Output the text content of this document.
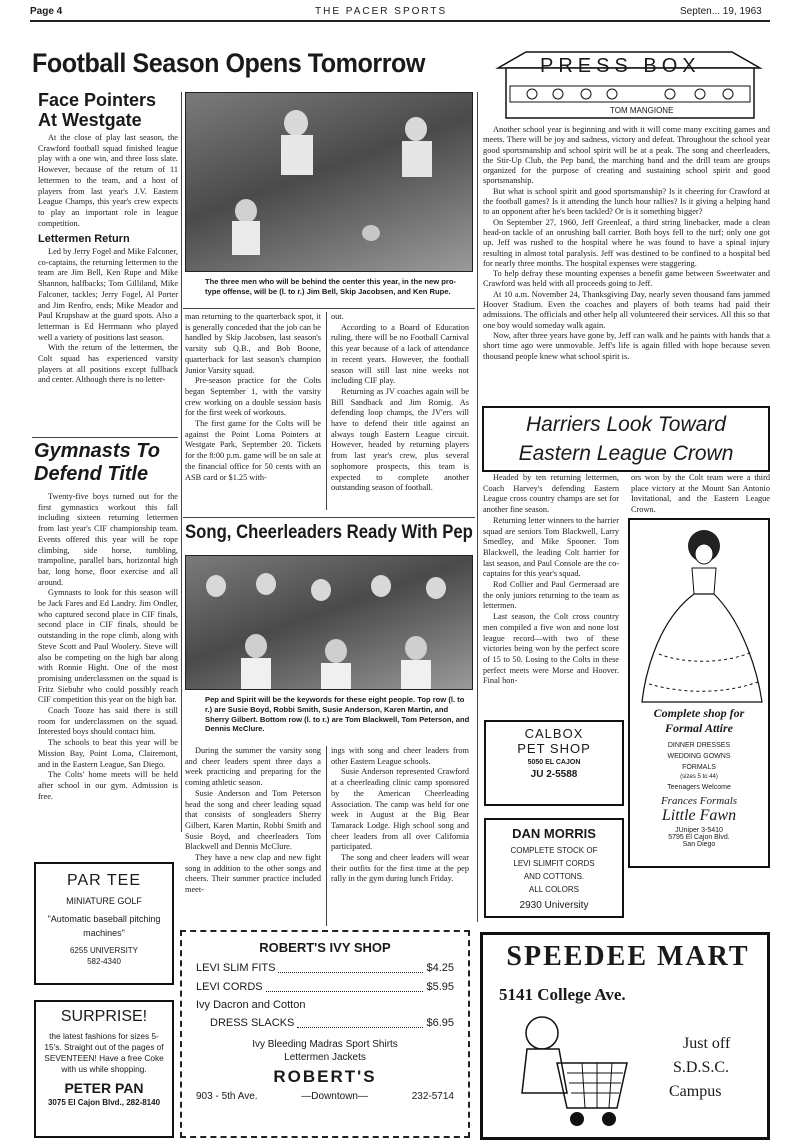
Page 4	THE PACER SPORTS	Septen... 19, 1963
Football Season Opens Tomorrow	PRESS BOX
TOM MANGIONE
Face Pointers At Westgate

At the close of play last season, the Crawford football squad finished league play with a one win, and three loss slate. However, because of the return of 11 lettermen to the team, and a host of players from last year's J.V. Eastern League Champs, this year's crew expects to play an important role in league competition.

Lettermen Return

Led by Jerry Fogel and Mike Falconer, co-captains, the returning lettermen to the team are Jim Bell, Ken Rupe and Mike Shannon, halfbacks; Tom Gilliland, Mike Falconer, tackles; Jerry Fogel, Al Porter and Jim Renfro, ends; Mike Meador and Paul Krupshaw at the guard spots. Also a letterman is Ed Herrmann who played well a variety of positions last season.

With the return of the lettermen, the Colt squad has experienced varsity players at all positions except fullback and center. Although there is no letter-

The three men who will be behind the center this year, in the new pro-type offense, will be (l. to r.) Jim Bell, Skip Jacobsen, and Ken Rupe.

man returning to the quarterback spot, it is generally conceded that the job can be handled by Skip Jacobsen, last season's varsity sub Q.B., and Bob Boone, quarterback for last season's champion Junior Varsity squad.

Pre-season practice for the Colts began September 1, with the varsity crew working on a double session basis for the first week of workouts.

The first game for the Colts will be against the Point Loma Pointers at Westgate Park, September 20. Tickets for the 8:00 p.m. game will be on sale at the financial office for 50 cents with an ASB card or $1.25 with-

out.

According to a Board of Education ruling, there will be no Football Carnival this year because of a lack of attendance in recent years. However, the football season will still last nine weeks not including CIF play.

Returning as JV coaches again will be Bill Sandback and Jim Romig. As defending loop champs, the JV'ers will have to defend their title against an always tough Eastern League circuit. However, headed by returning players from last year's crew, plus several sophomore prospects, this team is expected to complete another outstanding season of football.

Gymnasts To Defend Title

Twenty-five boys turned out for the first gymnastics workout this fall including sixteen returning lettermen from last year's CIF championship team. Events offered this year will be rope climbing, side horse, tumbling, trampoline, parallel bars, horizontal high bar, long horse, floor exercise and all around.

Gymnasts to look for this season will be Jack Fares and Ed Landry. Jim Ondler, who captured second place in CIF finals, second place in CIF finals, should be outstanding in the rope climb, along with Steve Scott and Paul Woolery. Steve will also be competing on the high bar along with Ronnie Hight. One of the most promising underclassmen on the squad is Fritz Siebuhr who could possibly reach CIF competition this year on the high bar.

Coach Tooze has said there is still room for underclassmen on the squad. Interested boys should contact him.

The schools to beat this year will be Mission Bay, Point Loma, Clairemont, and in the Eastern League, San Diego.

The Colts' home meets will be held after school in our gym. Admission is free.

Song, Cheerleaders Ready With Pep
Pep and Spirit will be the keywords for these eight people. Top row (l. to r.) are Susie Boyd, Robbi Smith, Susie Anderson, Karen Martin, and Sherry Gilbert. Bottom row (l. to r.) are Tom Blackwell, Tom Peterson, and Dennis McClure.

During the summer the varsity song and cheer leaders spent three days a week practicing and preparing for the coming athletic season.

Susie Anderson and Tom Peterson head the song and cheer leading squad that consists of songleaders Sherry Gilbert, Karen Martin, Robbi Smith and Susie Boyd, and cheerleaders Tom Blackwell and Dennis McClure.

They have a new clap and new fight song in addition to the other songs and cheers. Their summer practice included meet-

ings with song and cheer leaders from other Eastern League schools.

Susie Anderson represented Crawford at a cheerleading clinic camp sponsored by the American Cheerleading Association. The camp was held for one week in August at the Big Bear Tamarack Lodge. High school song and cheer leaders from all over California participated.

The song and cheer leaders will wear their outfits for the first time at the pep rally in the gym during lunch Friday.

Another school year is beginning and with it will come many exciting games and meets. There will be joy and sadness, victory and defeat. Throughout the school year good sportsmanship and school spirit will be at a peak. The song and cheerleaders, the Stir-Up Club, the Pep band, the marching band and the drill team are groups organized for the purpose of creating and sustaining school spirit and good sportsmanship.

But what is school spirit and good sportsmanship? Is it cheering for Crawford at the football games? Is it attending the lunch hour rallies? Is it giving a helping hand to an opponent after he's been tackled? Or is it something bigger?

On September 27, 1960, Jeff Greenleaf, a third string linebacker, made a clean head-on tackle of an onrushing ball carrier. Both boys fell to the turf; only one got up. Jeff was rushed to the hospital where he was found to have a spinal injury resulting in almost total paralysis. Jeff was destined to be confined to a hospital bed for nearly three months. The hospital expenses were staggering.

To help defray these mounting expenses a benefit game between Sweetwater and Crawford was held with all proceeds going to Jeff.

At 10 a.m. November 24, Thanksgiving Day, nearly seven thousand fans jammed Hoover Stadium. Even the coaches and players of both teams had paid their admissions. The officials and other help all volunteered their services. All this so that one boy would someday walk again.

Now, after three years have gone by, Jeff can walk and he paints with hands that a short time ago were unmovable. Jeff's life is again filled with hope because seven thousand people knew what school spirit is.

Harriers Look Toward Eastern League Crown

Headed by ten returning lettermen, Coach Harvey's defending Eastern League cross country champs are set for another fine season.

Returning letter winners to the harrier squad are seniors Tom Blackwell, Larry Smedley, and Mike Spooner. Tom Blackwell, the leading Colt harrier for last season, and Paul Console are the co-captains for this year's squad.

Rod Collier and Paul Germeraad are the only juniors returning to the team as lettermen.

Last season, the Colt cross country men compiled a five won and none lost league record—with two of these victories being won by the perfect score of 15 to 50. Losing to the Colts in these perfect meets were Morse and Hoover. Final hon-

ors won by the Colt team were a third place victory at the Mount San Antonio Invitational, and the Eastern League Crown.

Complete shop for
Formal Attire
DINNER DRESSES
WEDDING GOWNS
FORMALS
(sizes 5 to 44)
Teenagers Welcome
Frances Formals
Little Fawn
JUniper 3-5410
5795 El Cajon Blvd.
San Diego
CALBOX
PET SHOP
5050 EL CAJON
JU 2-5588
DAN MORRIS
COMPLETE STOCK OF
LEVI SLIMFIT CORDS
AND COTTONS.
ALL COLORS
2930 University
PAR TEE
MINIATURE GOLF
"Automatic baseball pitching machines"
6255 UNIVERSITY
582-4340
SURPRISE!
the latest fashions for sizes 5-15's. Straight out of the pages of SEVENTEEN! Have a free Coke with us while shopping.
PETER PAN
3075 El Cajon Blvd., 282-8140
ROBERT'S IVY SHOP
LEVI SLIM FITS	$4.25
LEVI CORDS	$5.95
Ivy Dacron and Cotton
DRESS SLACKS	$6.95
Ivy Bleeding Madras Sport Shirts
Lettermen Jackets
ROBERT'S
903 - 5th Ave.	—Downtown—	232-5714
SPEEDEE MART
5141 College Ave.
Just off
S.D.S.C.
Campus
